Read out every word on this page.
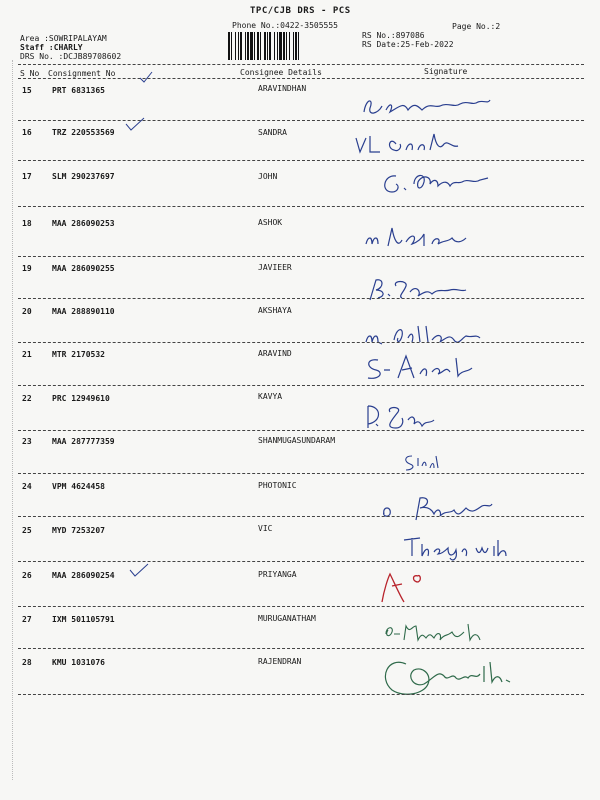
TPC/CJB DRS - PCS
Phone No.:0422-3505555	Page No.:2
Area :SOWRIPALAYAM
Staff :CHARLY
DRS No. :DCJB89708602
RS No.:897086
RS Date:25-Feb-2022
S No Consignment No	Consignee Details	Signature
15	PRT 6831365	ARAVINDHAN
16	TRZ 220553569	SANDRA
17	SLM 290237697	JOHN
18	MAA 286090253	ASHOK
19	MAA 286090255	JAVIEER
20	MAA 288890110	AKSHAYA
21	MTR 2170532	ARAVIND
22	PRC 12949610	KAVYA
23	MAA 287777359	SHANMUGASUNDARAM
24	VPM 4624458	PHOTONIC
25	MYD 7253207	VIC
26	MAA 286090254	PRIYANGA
27	IXM 501105791	MURUGANATHAM
28	KMU 1031076	RAJENDRAN
